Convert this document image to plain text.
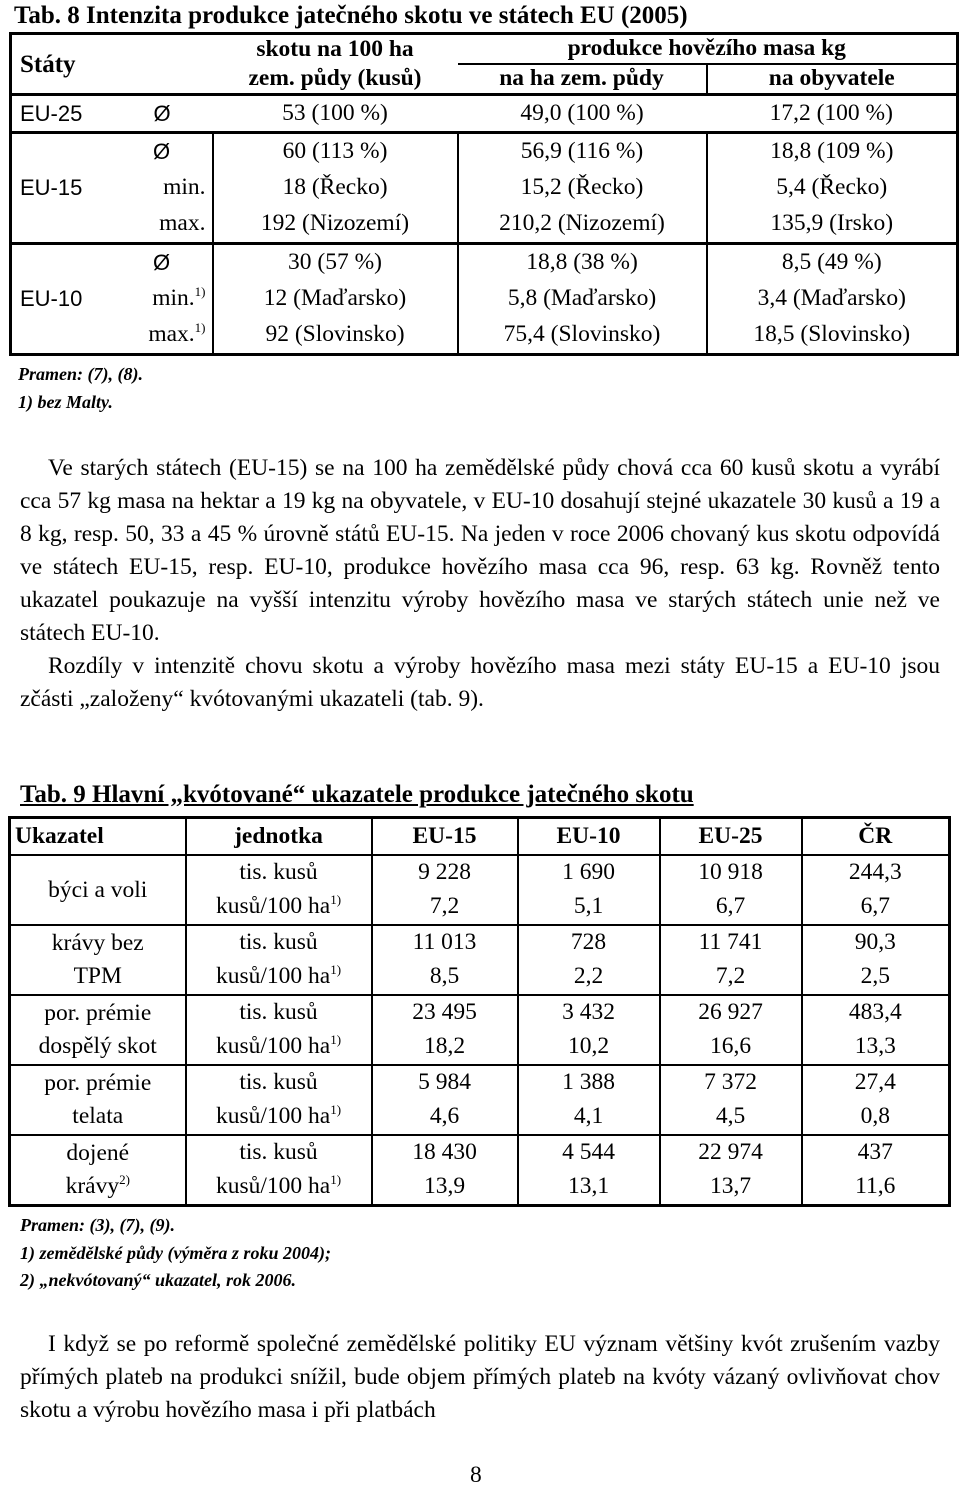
Tab. 8 Intenzita produkce jatečného skotu ve státech EU (2005)
Státy		skotu na 100 ha	produkce hovězího masa kg	
		zem. půdy (kusů)	na ha zem. půdy	na obyvatele
EU-25	Ø	53 (100 %)	49,0 (100 %)	17,2 (100 %)
EU-15	Ø	60 (113 %)	56,9 (116 %)	18,8 (109 %)
	min.	18 (Řecko)	15,2 (Řecko)	5,4 (Řecko)
	max.	192 (Nizozemí)	210,2 (Nizozemí)	135,9 (Irsko)
EU-10	Ø	30 (57 %)	18,8 (38 %)	8,5 (49 %)
	min.$^{1)}$	12 (Maďarsko)	5,8 (Maďarsko)	3,4 (Maďarsko)
	max.$^{1)}$	92 (Slovinsko)	75,4 (Slovinsko)	18,5 (Slovinsko)
Pramen: (7), (8).
1) bez Malty.

Ve starých státech (EU-15) se na 100 ha zemědělské půdy chová cca 60 kusů skotu a vyrábí cca 57 kg masa na hektar a 19 kg na obyvatele, v EU-10 dosahují stejné ukazatele 30 kusů a 19 a 8 kg, resp. 50, 33 a 45 % úrovně států EU-15. Na jeden v roce 2006 chovaný kus skotu odpovídá ve státech EU-15, resp. EU-10, produkce hovězího masa cca 96, resp. 63 kg. Rovněž tento ukazatel poukazuje na vyšší intenzitu výroby hovězího masa ve starých státech unie než ve státech EU-10.

Rozdíly v intenzitě chovu skotu a výroby hovězího masa mezi státy EU-15 a EU-10 jsou zčásti „založeny“ kvótovanými ukazateli (tab. 9).

Tab. 9 Hlavní „kvótované“ ukazatele produkce jatečného skotu
Ukazatel	jednotka	EU-15	EU-10	EU-25	ČR
býci a voli	tis. kusů	9 228	1 690	10 918	244,3
	kusů/100 $ha^{1)}$	7,2	5,1	6,7	6,7
krávy bez
TPM	tis. kusů	11 013	728	11 741	90,3
	kusů/100 $ha^{1)}$	8,5	2,2	7,2	2,5
por. prémie
dospělý skot	tis. kusů	23 495	3 432	26 927	483,4
	kusů/100 $ha^{1)}$	18,2	10,2	16,6	13,3
por. prémie
telata	tis. kusů	5 984	1 388	7 372	27,4
	kusů/100 $ha^{1)}$	4,6	4,1	4,5	0,8
dojené
krávy$^{2)}$	tis. kusů	18 430	4 544	22 974	437
	kusů/100 $ha^{1)}$	13,9	13,1	13,7	11,6
Pramen: (3), (7), (9).
1) zemědělské půdy (výměra z roku 2004);
2) „nekvótovaný“ ukazatel, rok 2006.

I když se po reformě společné zemědělské politiky EU význam většiny kvót zrušením vazby přímých plateb na produkci snížil, bude objem přímých plateb na kvóty vázaný ovlivňovat chov skotu a výrobu hovězího masa i při platbách

8
